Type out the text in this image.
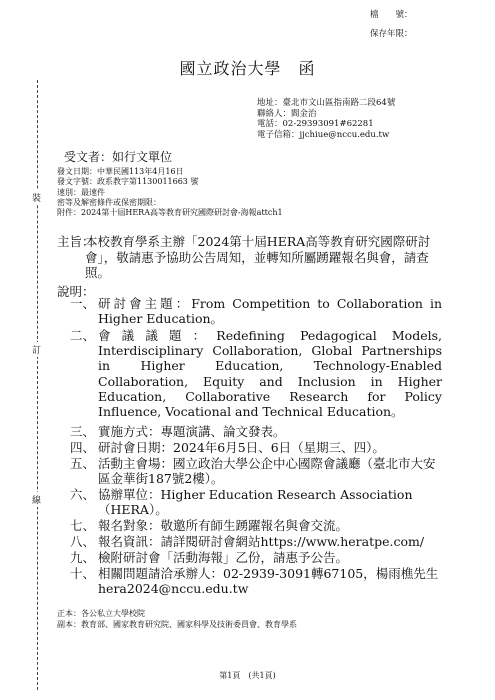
裝
訂
線
檔　　號：
保存年限：
國立政治大學　函
地址：臺北市文山區指南路二段64號
聯絡人：閻金治
電話：02-29393091#62281
電子信箱：jjchiue@nccu.edu.tw
受文者：如行文單位
發文日期：中華民國113年4月16日
發文字號：政系教字第1130011663 號
速別：最速件
密等及解密條件或保密期限：
附件：2024第十屆HERA高等教育研究國際研討會-海報attch1
主旨：
本校教育學系主辦「2024第十屆HERA高等教育研究國際研討會」，敬請惠予協助公告周知，並轉知所屬踴躍報名與會，請查照。
說明：
一、 研討會主題：From Competition to Collaboration in Higher Education。
二、 會議議題：Redefining Pedagogical Models, Interdisciplinary Collaboration, Global Partnerships in Higher Education, Technology-Enabled Collaboration, Equity and Inclusion in Higher Education, Collaborative Research for Policy Influence, Vocational and Technical Education。
三、 實施方式：專題演講、論文發表。
四、 研討會日期：2024年6月5日、6日（星期三、四）。
五、 活動主會場：國立政治大學公企中心國際會議廳（臺北市大安區金華街187號2樓）。
六、 協辦單位：Higher Education Research Association（HERA）。
七、 報名對象：敬邀所有師生踴躍報名與會交流。
八、 報名資訊：請詳閱研討會網站https://www.heratpe.com/
九、 檢附研討會「活動海報」乙份，請惠予公告。
十、 相關問題請洽承辦人：02-2939-3091轉67105，楊雨樵先生hera2024@nccu.edu.tw
正本：各公私立大學校院
副本：教育部、國家教育研究院、國家科學及技術委員會、教育學系
第1頁　(共1頁)
